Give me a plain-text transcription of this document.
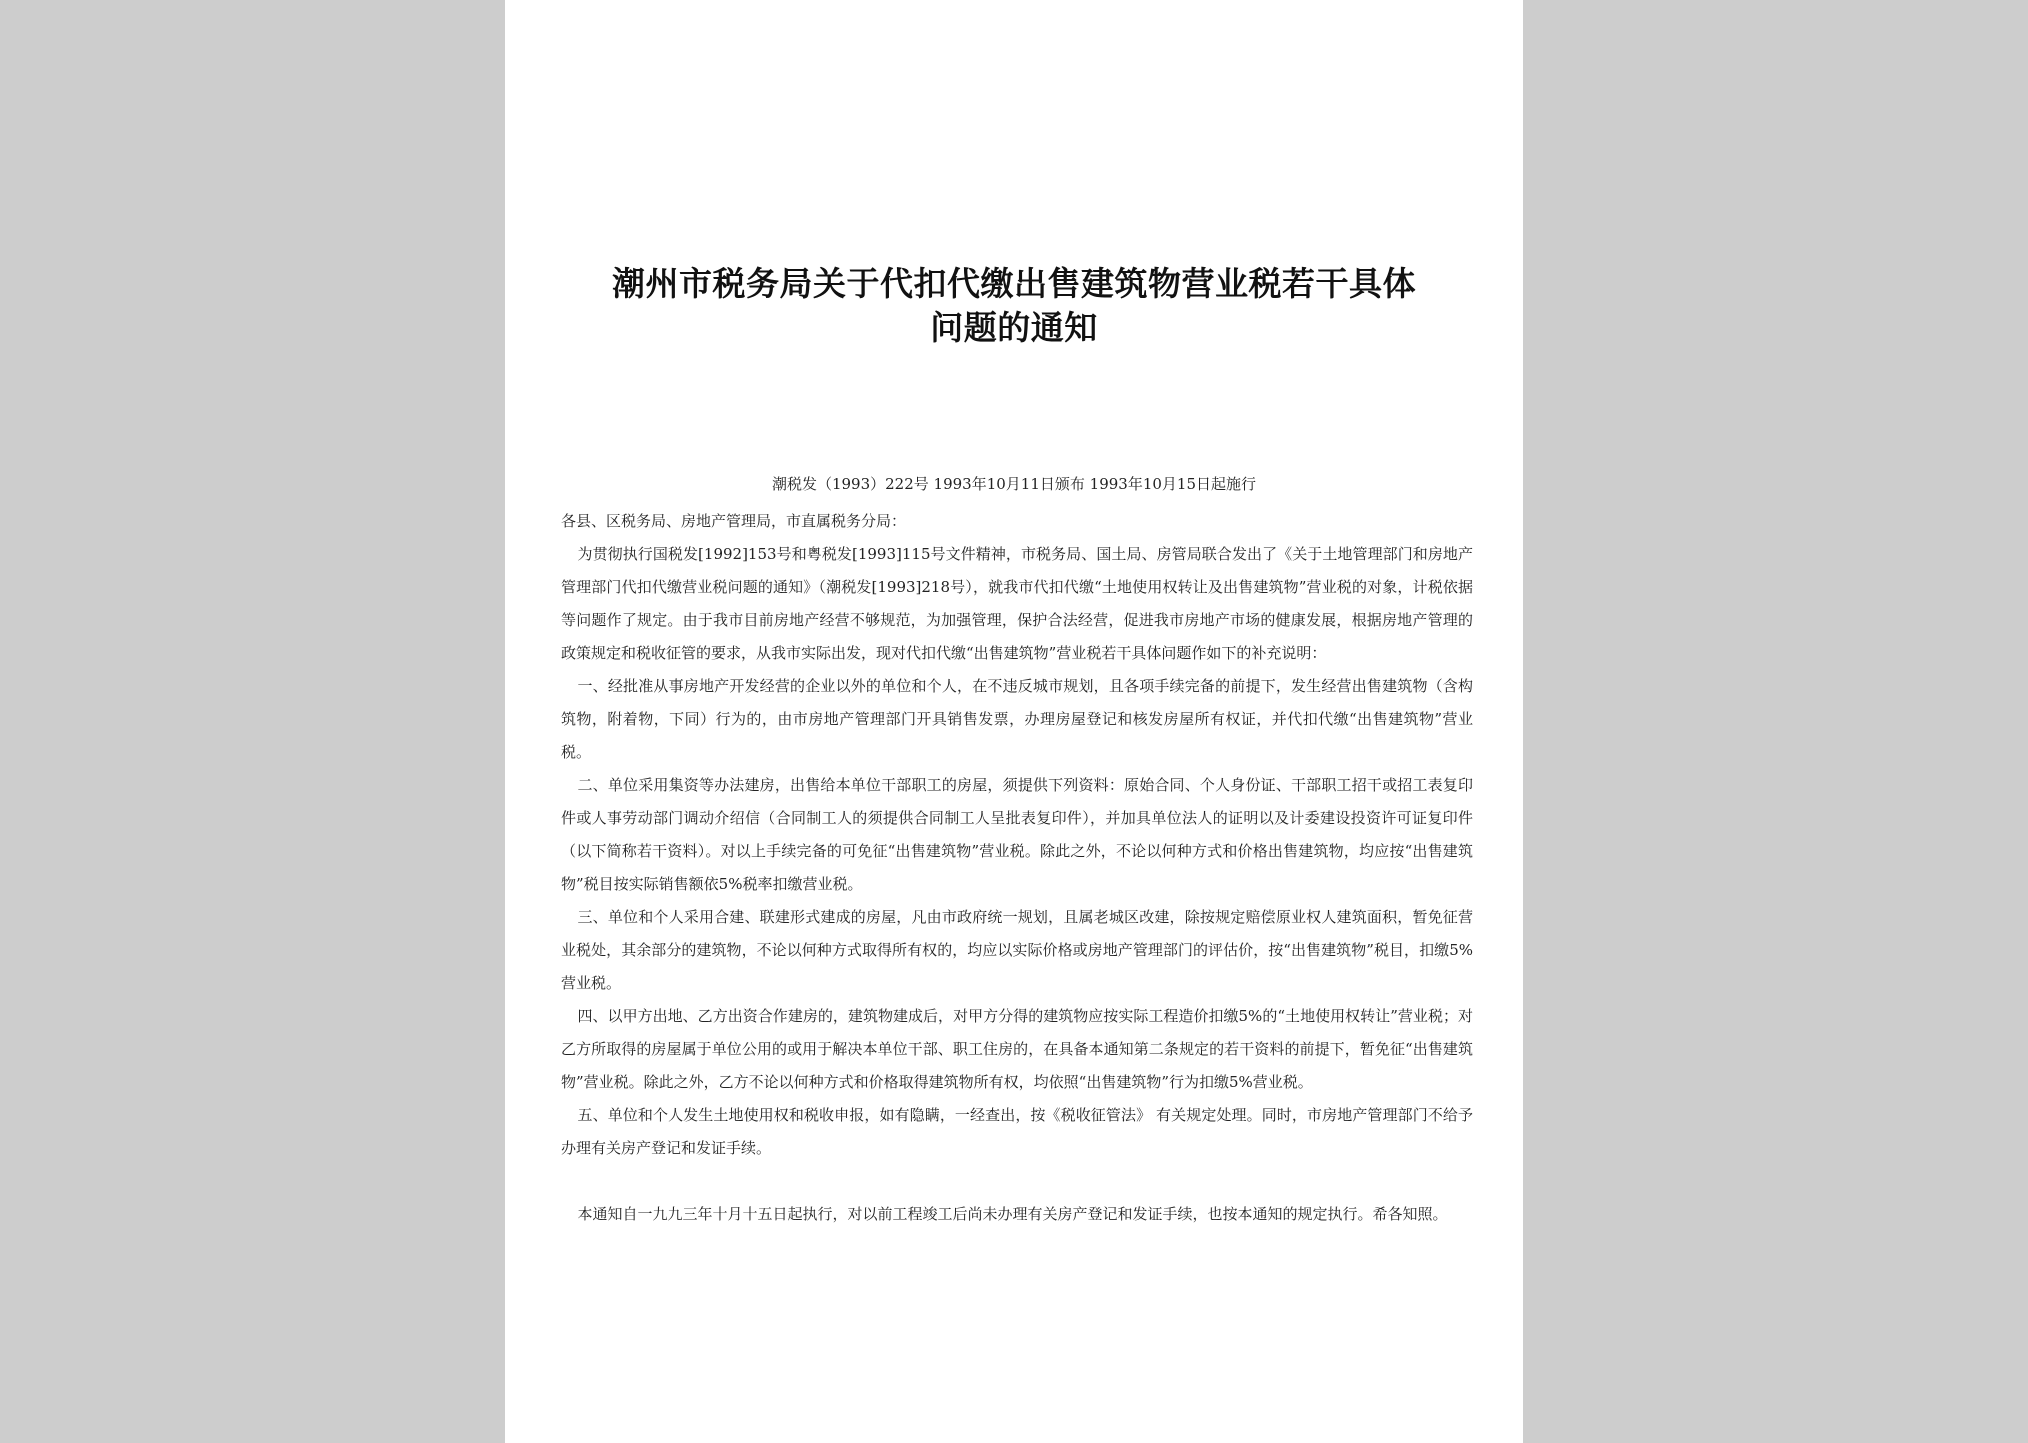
潮州市税务局关于代扣代缴出售建筑物营业税若干具体
问题的通知
潮税发（1993）222号 1993年10月11日颁布 1993年10月15日起施行

各县、区税务局、房地产管理局，市直属税务分局：

为贯彻执行国税发[1992]153号和粤税发[1993]115号文件精神，市税务局、国土局、房管局联合发出了《关于土地管理部门和房地产管理部门代扣代缴营业税问题的通知》（潮税发[1993]218号），就我市代扣代缴“土地使用权转让及出售建筑物”营业税的对象，计税依据等问题作了规定。由于我市目前房地产经营不够规范，为加强管理，保护合法经营，促进我市房地产市场的健康发展，根据房地产管理的政策规定和税收征管的要求，从我市实际出发，现对代扣代缴“出售建筑物”营业税若干具体问题作如下的补充说明：

一、经批准从事房地产开发经营的企业以外的单位和个人，在不违反城市规划，且各项手续完备的前提下，发生经营出售建筑物（含构筑物，附着物，下同）行为的，由市房地产管理部门开具销售发票，办理房屋登记和核发房屋所有权证，并代扣代缴“出售建筑物”营业税。

二、单位采用集资等办法建房，出售给本单位干部职工的房屋，须提供下列资料：原始合同、个人身份证、干部职工招干或招工表复印件或人事劳动部门调动介绍信（合同制工人的须提供合同制工人呈批表复印件），并加具单位法人的证明以及计委建设投资许可证复印件（以下简称若干资料）。对以上手续完备的可免征“出售建筑物”营业税。除此之外，不论以何种方式和价格出售建筑物，均应按“出售建筑物”税目按实际销售额依5%税率扣缴营业税。

三、单位和个人采用合建、联建形式建成的房屋，凡由市政府统一规划，且属老城区改建，除按规定赔偿原业权人建筑面积，暂免征营业税处，其余部分的建筑物，不论以何种方式取得所有权的，均应以实际价格或房地产管理部门的评估价，按“出售建筑物”税目，扣缴5%营业税。

四、以甲方出地、乙方出资合作建房的，建筑物建成后，对甲方分得的建筑物应按实际工程造价扣缴5%的“土地使用权转让”营业税；对乙方所取得的房屋属于单位公用的或用于解决本单位干部、职工住房的，在具备本通知第二条规定的若干资料的前提下，暂免征“出售建筑物”营业税。除此之外，乙方不论以何种方式和价格取得建筑物所有权，均依照“出售建筑物”行为扣缴5%营业税。

五、单位和个人发生土地使用权和税收申报，如有隐瞒，一经查出，按《税收征管法》 有关规定处理。同时，市房地产管理部门不给予办理有关房产登记和发证手续。

本通知自一九九三年十月十五日起执行，对以前工程竣工后尚未办理有关房产登记和发证手续，也按本通知的规定执行。希各知照。
